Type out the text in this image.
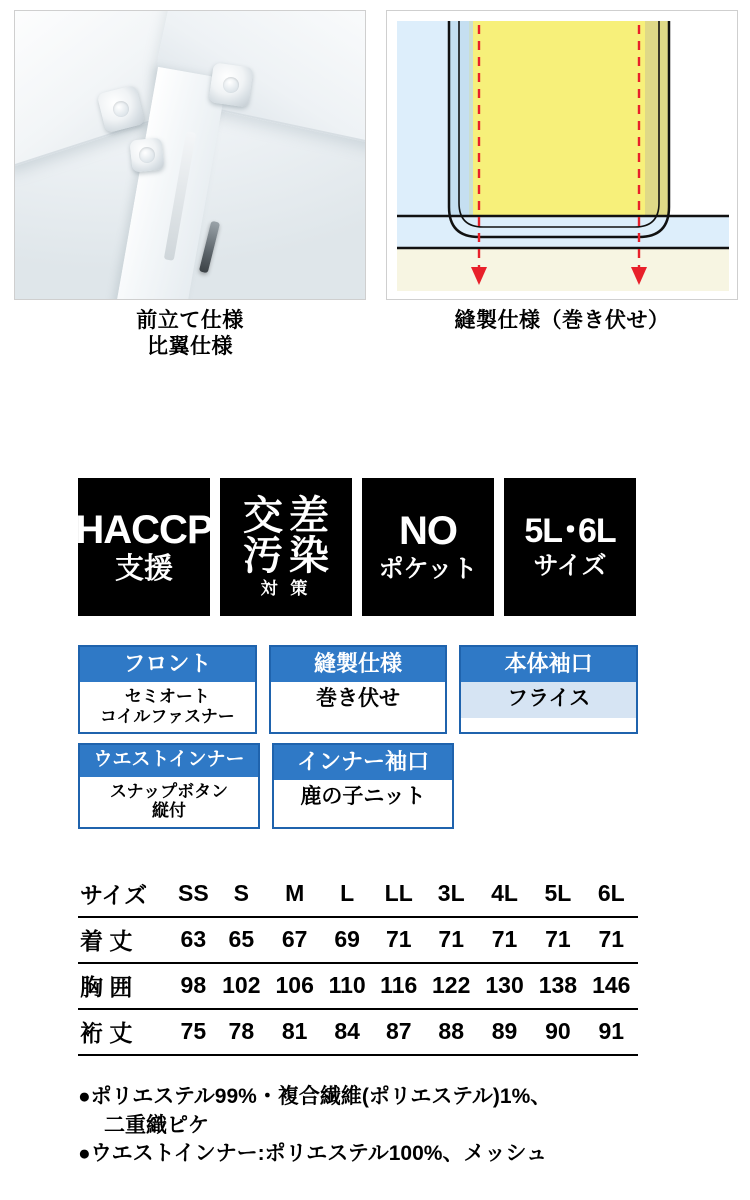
前立て仕様
比翼仕様
縫製仕様（巻き伏せ）
HACCP
支援
交 差
汚 染
対 策
NO
ポケット
5L･6L
サイズ
フロント
セミオート
コイルファスナー
縫製仕様
巻き伏せ
本体袖口
フライス
ウエストインナー
スナップボタン
縦付
インナー袖口
鹿の子ニット
サイズ	SS	S	M	L	LL	3L	4L	5L	6L
着 丈	63	65	67	69	71	71	71	71	71
胸 囲	98	102	106	110	116	122	130	138	146
裄 丈	75	78	81	84	87	88	89	90	91
●ポリエステル99%・複合繊維(ポリエステル)1%、
二重織ピケ
●ウエストインナー:ポリエステル100%、メッシュ
